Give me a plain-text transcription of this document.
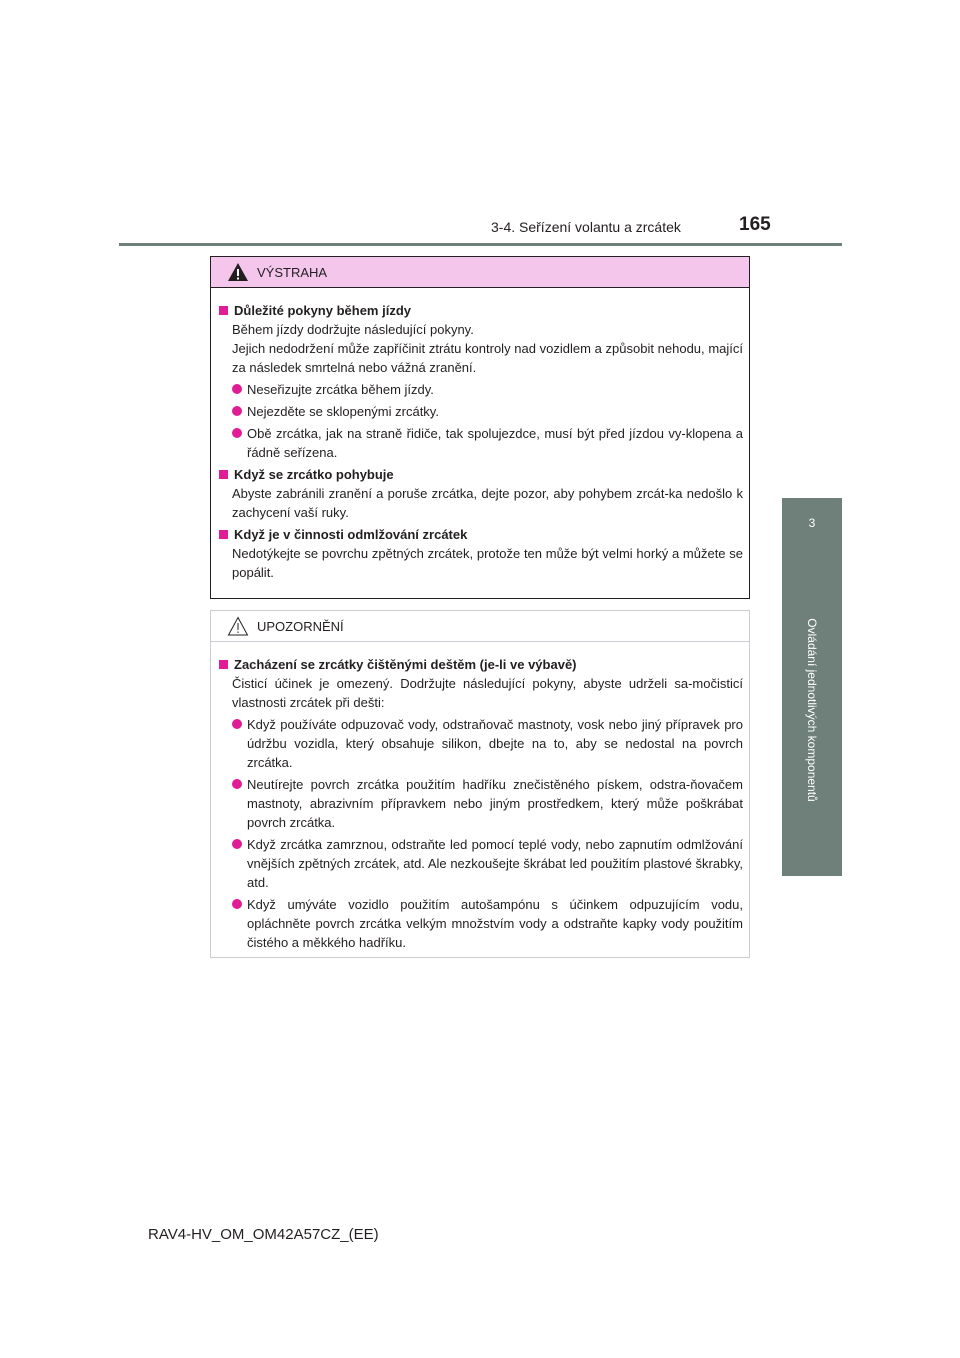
3-4. Seřízení volantu a zrcátek	165
3
Ovládání jednotlivých komponentů
VÝSTRAHA
Důležité pokyny během jízdy
Během jízdy dodržujte následující pokyny.
Jejich nedodržení může zapříčinit ztrátu kontroly nad vozidlem a způsobit nehodu, mající za následek smrtelná nebo vážná zranění.
Neseřizujte zrcátka během jízdy.
Nejezděte se sklopenými zrcátky.
Obě zrcátka, jak na straně řidiče, tak spolujezdce, musí být před jízdou vy-klopena a řádně seřízena.
Když se zrcátko pohybuje
Abyste zabránili zranění a poruše zrcátka, dejte pozor, aby pohybem zrcát-ka nedošlo k zachycení vaší ruky.
Když je v činnosti odmlžování zrcátek
Nedotýkejte se povrchu zpětných zrcátek, protože ten může být velmi horký a můžete se popálit.
UPOZORNĚNÍ
Zacházení se zrcátky čištěnými deštěm (je-li ve výbavě)
Čisticí účinek je omezený. Dodržujte následující pokyny, abyste udrželi sa-močisticí vlastnosti zrcátek při dešti:
Když používáte odpuzovač vody, odstraňovač mastnoty, vosk nebo jiný přípravek pro údržbu vozidla, který obsahuje silikon, dbejte na to, aby se nedostal na povrch zrcátka.
Neutírejte povrch zrcátka použitím hadříku znečistěného pískem, odstra-ňovačem mastnoty, abrazivním přípravkem nebo jiným prostředkem, který může poškrábat povrch zrcátka.
Když zrcátka zamrznou, odstraňte led pomocí teplé vody, nebo zapnutím odmlžování vnějších zpětných zrcátek, atd. Ale nezkoušejte škrábat led použitím plastové škrabky, atd.
Když umýváte vozidlo použitím autošampónu s účinkem odpuzujícím vodu, opláchněte povrch zrcátka velkým množstvím vody a odstraňte kapky vody použitím čistého a měkkého hadříku.
RAV4-HV_OM_OM42A57CZ_(EE)
